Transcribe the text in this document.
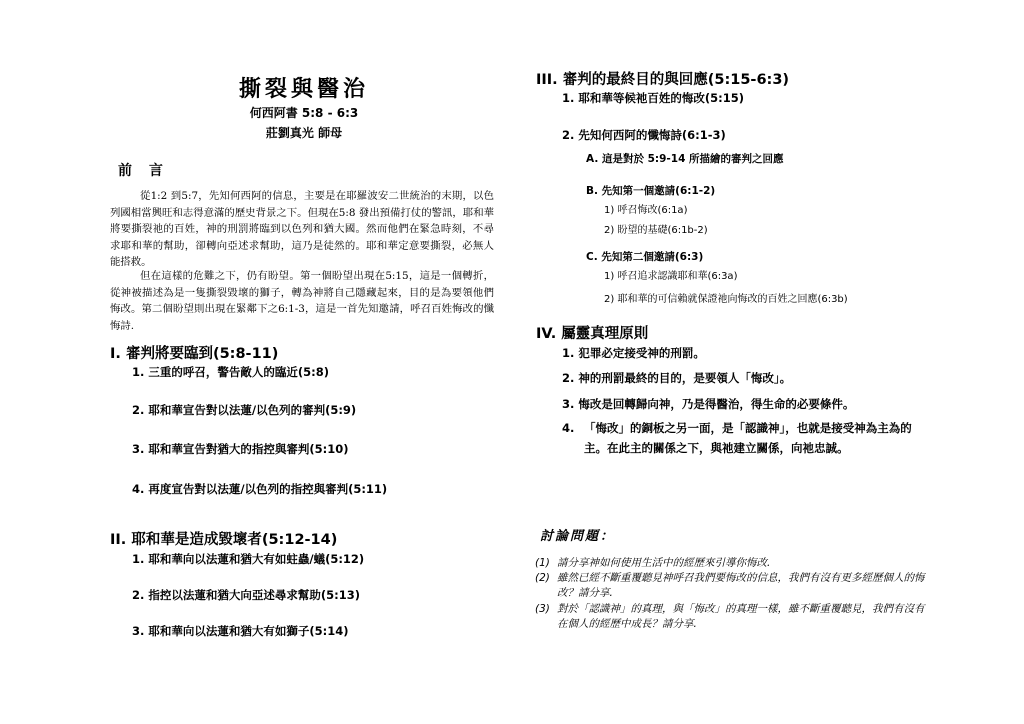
撕裂與醫治
何西阿書 5:8 - 6:3
莊劉真光 師母
前 言
從1:2 到5:7，先知何西阿的信息，主要是在耶羅波安二世統治的末期，以色列國相當興旺和志得意滿的歷史背景之下。但現在5:8 發出預備打仗的警訊，耶和華將要撕裂祂的百姓，神的刑罰將臨到以色列和猶大國。然而他們在緊急時刻，不尋求耶和華的幫助，卻轉向亞述求幫助，這乃是徒然的。耶和華定意要撕裂，必無人能搭救。
但在這樣的危難之下，仍有盼望。第一個盼望出現在5:15，這是一個轉折，從神被描述為是一隻撕裂毀壞的獅子，轉為神將自己隱藏起來，目的是為要領他們悔改。第二個盼望則出現在緊鄰下之6:1-3，這是一首先知邀請，呼召百姓悔改的懺悔詩.
I. 審判將要臨到(5:8-11)
1. 三重的呼召，警告敵人的臨近(5:8)
2. 耶和華宣告對以法蓮/以色列的審判(5:9)
3. 耶和華宣告對猶大的指控與審判(5:10)
4. 再度宣告對以法蓮/以色列的指控與審判(5:11)
II. 耶和華是造成毀壞者(5:12-14)
1. 耶和華向以法蓮和猶大有如蛀蟲/蟻(5:12)
2. 指控以法蓮和猶大向亞述尋求幫助(5:13)
3. 耶和華向以法蓮和猶大有如獅子(5:14)
III. 審判的最終目的與回應(5:15-6:3)
1. 耶和華等候祂百姓的悔改(5:15)
2. 先知何西阿的懺悔詩(6:1-3)
A. 這是對於 5:9-14 所描繪的審判之回應
B. 先知第一個邀請(6:1-2)
1) 呼召悔改(6:1a)
2) 盼望的基礎(6:1b-2)
C. 先知第二個邀請(6:3)
1) 呼召追求認識耶和華(6:3a)
2) 耶和華的可信賴就保證祂向悔改的百姓之回應(6:3b)
IV. 屬靈真理原則
1. 犯罪必定接受神的刑罰。
2. 神的刑罰最終的目的，是要領人「悔改」。
3. 悔改是回轉歸向神，乃是得醫治，得生命的必要條件。
4. 「悔改」的銅板之另一面，是「認識神」，也就是接受神為主為的主。在此主的關係之下，與祂建立關係，向祂忠誠。
討論問題：
(1) 請分享神如何使用生活中的經歷來引導你悔改.
(2) 雖然已經不斷重覆聽見神呼召我們要悔改的信息，我們有沒有更多經歷個人的悔改？請分享.
(3) 對於「認識神」的真理，與「悔改」的真理一樣，雖不斷重覆聽見，我們有沒有在個人的經歷中成長？請分享.
